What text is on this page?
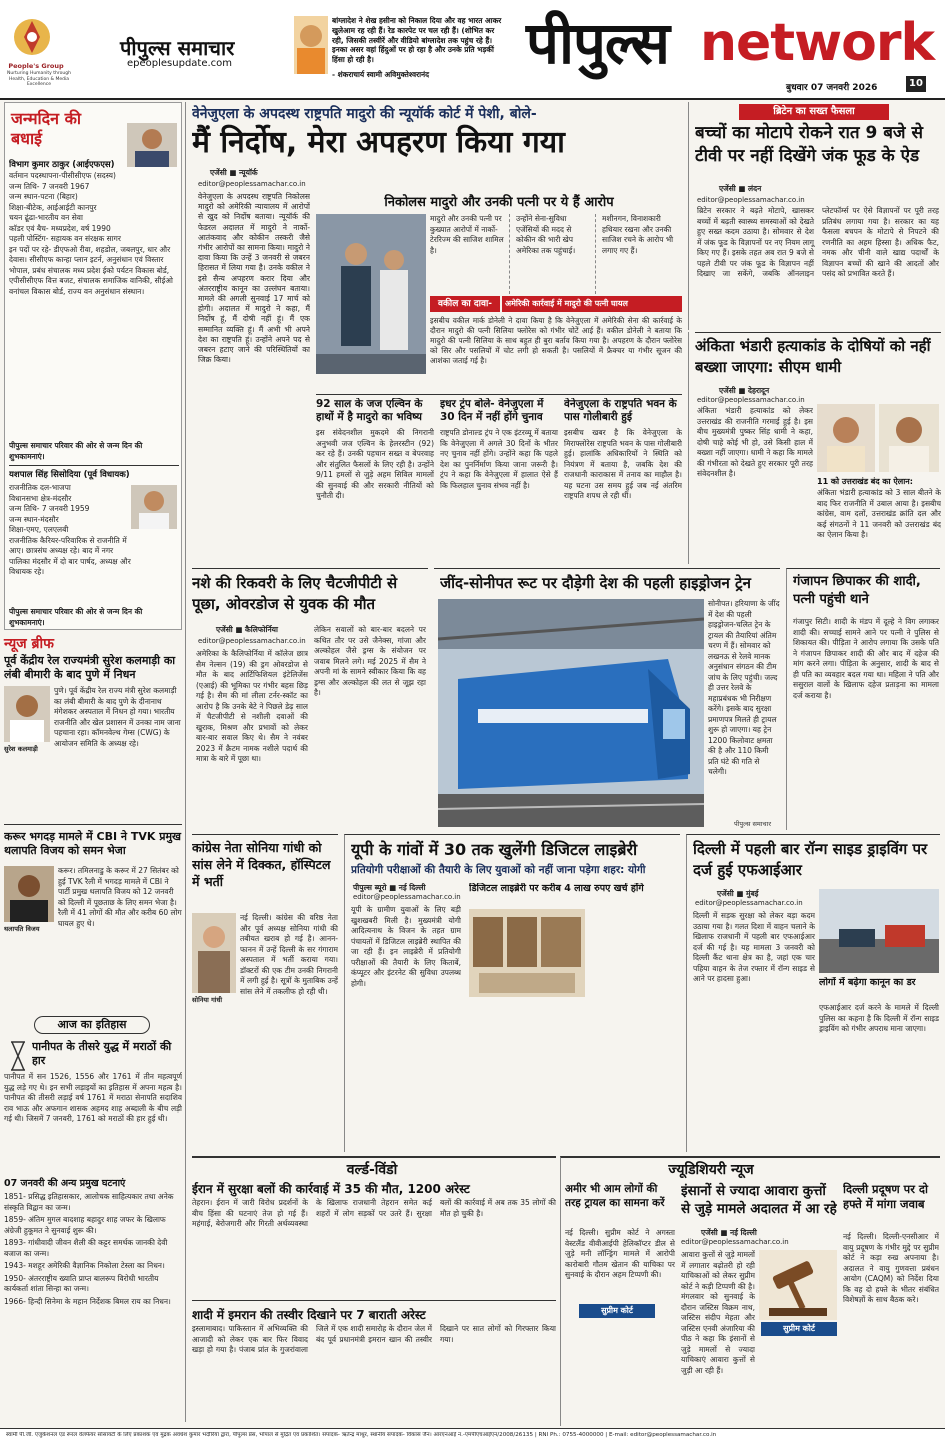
People's Group
Nurturing Humanity through Health, Education & Media Excellence
पीपुल्स समाचार
epeoplesupdate.com
बांग्लादेश ने शेख हसीना को निकाल दिया और वह भारत आकर खुलेआम रह रही हैं। रेड कारपेट पर चल रही हैं। (शोभित कर रही, जिसकी तस्वीरें और वीडियो बांग्लादेश तक पहुंच रहे हैं। इनका असर वहां हिंदुओं पर हो रहा है और उनके प्रति भड़कीं हिंसा हो रही है।
- शंकराचार्य स्वामी अविमुक्तेश्वरानंद	पीपुल्स network
बुधवार 07 जनवरी 2026	10
जन्मदिन की बधाई
विभाग कुमार ठाकुर (आईएफएस)
वर्तमान पदस्थापना-पीसीसीएफ (सदस्य)
जन्म तिथि- 7 जनवरी 1967
जन्म स्थान-पटना (बिहार)
शिक्षा-बीटेक, आईआईटी कानपुर
चयन ढूंढा-भारतीय वन सेवा
कॉडर एवं बैच- मध्यप्रदेश, वर्ष 1990
पहली पोस्टिंग- सहायक वन संरक्षक सागर
इन पदों पर रहे- डीएफओ रीवा, शहडोल, जबलपुर, धार और देवास। सीसीएफ कान्हा प्लान इटर्न, अनुसंधान एवं विस्तार भोपाल, प्रबंध संचालक मध्य प्रदेश ईको पर्यटन विकास बोर्ड, एपीसीसीएफ वित्त बजट, संचालक समाजिक वानिकी, सीईओ वनांचल विकास बोर्ड, राज्य वन अनुसंधान संस्थान।
पीपुल्स समाचार परिवार की ओर से जन्म दिन की शुभकामनाएं।
यशपाल सिंह सिसोदिया (पूर्व विधायक)
राजनीतिक दल-भाजपा
विधानसभा क्षेत्र-मंदसौर
जन्म तिथि- 7 जनवरी 1959
जन्म स्थान-मंदसौर
शिक्षा-एमए, एलएलबी
राजनीतिक कैरियर-परिवारिक से राजनीति में आए। छात्रसंघ अध्यक्ष रहे। बाद में नगर पालिका मंदसौर में दो बार पार्षद, अध्यक्ष और विधायक रहे।
पीपुल्स समाचार परिवार की ओर से जन्म दिन की शुभकामनाएं।
न्यूज ब्रीफ
पूर्व केंद्रीय रेल राज्यमंत्री सुरेश कलमाड़ी का लंबी बीमारी के बाद पुणे में निधन
सुरेश कलमाड़ी
पुणे। पूर्व केंद्रीय रेल राज्य मंत्री सुरेश कलमाड़ी का लंबी बीमारी के बाद पुणे के दीनानाथ मंगेशकर अस्पताल में निधन हो गया। भारतीय राजनीति और खेल प्रशासन में उनका नाम जाना पहचाना रहा। कॉमनवेल्थ गेम्स (CWG) के आयोजन समिति के अध्यक्ष रहे।
करूर भगदड़ मामले में CBI ने TVK प्रमुख थलापति विजय को समन भेजा
थलापति विजय
करूर। तमिलनाडु के करूर में 27 सितंबर को हुई TVK रैली में भगदड़ मामले में CBI ने पार्टी प्रमुख थलापति विजय को 12 जनवरी को दिल्ली में पूछताछ के लिए समन भेजा है। रैली में 41 लोगों की मौत और करीब 60 लोग घायल हुए थे।
आज का इतिहास
पानीपत के तीसरे युद्ध में मराठों की हार
पानीपत में सन 1526, 1556 और 1761 में तीन महत्वपूर्ण युद्ध लड़े गए थे। इन सभी लड़ाइयों का इतिहास में अपना महत्व है। पानीपत की तीसरी लड़ाई वर्ष 1761 में मराठा सेनापति सदाशिव राव भाऊ और अफगान शासक अहमद शाह अब्दाली के बीच लड़ी गई थी। जिसमें 7 जनवरी, 1761 को मराठों की हार हुई थी।
07 जनवरी की अन्य प्रमुख घटनाएं
1851- प्रसिद्ध इतिहासकार, आलोचक साहित्यकार तथा अनेक संस्कृति विद्वान का जन्म।
1859- अंतिम मुगल बादशाह बहादुर शाह जफर के खिलाफ अंग्रेजी हुकूमत ने सुनवाई शुरू की।
1893- गांधीवादी जीवन शैली की कट्टर समर्थक जानकी देवी बजाज का जन्म।
1943- मशहूर अमेरिकी वैज्ञानिक निकोला टेस्ला का निधन।
1950- अंतरराष्ट्रीय ख्याति प्राप्त बालरूप विरोधी भारतीय कार्यकर्ता शांता सिन्हा का जन्म।
1966- हिन्दी सिनेमा के महान निर्देशक बिमल राय का निधन।
वेनेजुएला के अपदस्थ राष्ट्रपति मादुरो की न्यूयॉर्क कोर्ट में पेशी, बोले-
मैं निर्दोष, मेरा अपहरण किया गया
एजेंसी ■ न्यूयॉर्क
editor@peoplessamachar.co.in
वेनेजुएला के अपदस्थ राष्ट्रपति निकोलस मादुरो को अमेरिकी न्यायालय में आरोपों से खुद को निर्दोष बताया। न्यूयॉर्क की फेडरल अदालत में मादुरो ने नार्को-आतंकवाद और कोकीन तस्करी जैसे गंभीर आरोपों का सामना किया। मादुरो ने दावा किया कि उन्हें 3 जनवरी से जबरन हिरासत में लिया गया है। उनके वकील ने इसे सैन्य अपहरण करार दिया और अंतरराष्ट्रीय कानून का उल्लंघन बताया। मामले की अगली सुनवाई 17 मार्च को होगी। अदालत में मादुरो ने कहा, मैं निर्दोष हूं, मैं दोषी नहीं हूं। मैं एक सम्मानित व्यक्ति हूं। मैं अभी भी अपने देश का राष्ट्रपति हूं। उन्होंने अपने पद से जबरन हटाए जाने की परिस्थितियों का जिक्र किया।
निकोलस मादुरो और उनकी पत्नी पर ये हैं आरोप
मादुरो और उनकी पत्नी पर कुख्यात आरोपों में नार्को-टेररिज्म की साजिश शामिल है।
उन्होंने सेना-सुविधा एजेंसियों की मदद से कोकीन की भारी खेप अमेरिका तक पहुंचाई।
मशीनगन, विनाशकारी हथियार रखना और उनकी साजिश रचने के आरोप भी लगाए गए हैं।
वकील का दावा-	अमेरिकी कार्रवाई में मादुरो की पत्नी घायल
इसबीच वकील मार्क डोनेली ने दावा किया है कि वेनेजुएला में अमेरिकी सेना की कार्रवाई के दौरान मादुरो की पत्नी सिलिया फ्लोरेस को गंभीर चोटें आई हैं। वकील डोनेली ने बताया कि मादुरो की पत्नी सिलिया के साथ बहुत ही बुरा बर्ताव किया गया है। अपहरण के दौरान फ्लोरेस को सिर और पसलियों में चोट लगी हो सकती है। पसलियों में फ्रैक्चर या गंभीर सूजन की आशंका जताई गई है।
92 साल के जज एल्विन के हाथों में है मादुरो का भविष्य
इस संवेदनशील मुकदमे की निगरानी अनुभवी जज एल्विन के हेलरस्टीन (92) कर रहे हैं। उनकी पहचान सख्त व बेपरवाह और संतुलित फैसलों के लिए रही है। उन्होंने 9/11 हमलों से जुड़े अहम सिविल मामलों की सुनवाई की और सरकारी नीतियों को चुनौती दी।
इधर ट्रंप बोले- वेनेजुएला में 30 दिन में नहीं होंगे चुनाव
राष्ट्रपति डोनाल्ड ट्रंप ने एक इंटरव्यू में बताया कि वेनेजुएला में अगले 30 दिनों के भीतर नए चुनाव नहीं होंगे। उन्होंने कहा कि पहले देश का पुनर्निर्माण किया जाना जरूरी है। ट्रंप ने कहा कि वेनेजुएला में हालात ऐसे हैं कि फिलहाल चुनाव संभव नहीं है।
वेनेजुएला के राष्ट्रपति भवन के पास गोलीबारी हुई
इसबीच खबर है कि वेनेजुएला के मिराफ्लोरेस राष्ट्रपति भवन के पास गोलीबारी हुई। हालांकि अधिकारियों ने स्थिति को नियंत्रण में बताया है, जबकि देश की राजधानी काराकास में तनाव का माहौल है। यह घटना उस समय हुई जब नई अंतरिम राष्ट्रपति शपथ ले रही थीं।
ब्रिटेन का सख्त फैसला
बच्चों का मोटापे रोकने रात 9 बजे से टीवी पर नहीं दिखेंगे जंक फूड के ऐड
एजेंसी ■ लंदन
editor@peoplessamachar.co.in
ब्रिटेन सरकार ने बढ़ते मोटापे, खासकर बच्चों में बढ़ती स्वास्थ्य समस्याओं को देखते हुए सख्त कदम उठाया है। सोमवार से देश में जंक फूड के विज्ञापनों पर नए नियम लागू किए गए हैं। इसके तहत अब रात 9 बजे से पहले टीवी पर जंक फूड के विज्ञापन नहीं दिखाए जा सकेंगे, जबकि ऑनलाइन प्लेटफॉर्म्स पर ऐसे विज्ञापनों पर पूरी तरह प्रतिबंध लगाया गया है। सरकार का यह फैसला बचपन के मोटापे से निपटने की रणनीति का अहम हिस्सा है। अधिक फैट, नमक और चीनी वाले खाद्य पदार्थों के विज्ञापन बच्चों की खाने की आदतों और पसंद को प्रभावित करते हैं।
अंकिता भंडारी हत्याकांड के दोषियों को नहीं बख्शा जाएगा: सीएम धामी
एजेंसी ■ देहरादून
editor@peoplessamachar.co.in
अंकिता भंडारी हत्याकांड को लेकर उत्तराखंड की राजनीति गरमाई हुई है। इस बीच मुख्यमंत्री पुष्कर सिंह धामी ने कहा, दोषी चाहे कोई भी हो, उसे किसी हाल में बख्शा नहीं जाएगा। धामी ने कहा कि मामले की गंभीरता को देखते हुए सरकार पूरी तरह संवेदनशील है।
11 को उत्तराखंड बंद का ऐलान:
अंकिता भंडारी हत्याकांड को 3 साल बीतने के बाद फिर राजनीति में उबाल आया है। इसबीच कांग्रेस, वाम दलों, उत्तराखंड क्रांति दल और कई संगठनों ने 11 जनवरी को उत्तराखंड बंद का ऐलान किया है।
नशे की रिकवरी के लिए चैटजीपीटी से पूछा, ओवरडोज से युवक की मौत
एजेंसी ■ कैलिफोर्निया
editor@peoplessamachar.co.in
अमेरिका के कैलिफोर्निया में कॉलेज छात्र सैम नेल्सन (19) की ड्रग ओवरडोज से मौत के बाद आर्टिफिशियल इंटेलिजेंस (एआई) की भूमिका पर गंभीर बहस छिड़ गई है। सैम की मां लीला टर्नर-स्कॉट का आरोप है कि उनके बेटे ने पिछले डेढ़ साल में चैटजीपीटी से नशीली दवाओं की खुराक, मिश्रण और प्रभावों को लेकर बार-बार सवाल किए थे। सैम ने नवंबर 2023 में क्रैटम नामक नशीले पदार्थ की मात्रा के बारे में पूछा था।
लेकिन सवालों को बार-बार बदलने पर कथित तौर पर उसे जैनेक्स, गांजा और अल्कोहल जैसे ड्रग्स के संयोजन पर जवाब मिलने लगे। मई 2025 में सैम ने अपनी मां के सामने स्वीकार किया कि वह ड्रग्स और अल्कोहल की लत से जूझ रहा है।
जींद-सोनीपत रूट पर दौड़ेगी देश की पहली हाइड्रोजन ट्रेन
सोनीपत। हरियाणा के जींद में देश की पहली हाइड्रोजन-चलित ट्रेन के ट्रायल की तैयारियां अंतिम चरण में हैं। सोमवार को लखनऊ से रेलवे मानक अनुसंधान संगठन की टीम जांच के लिए पहुंची। जल्द ही उत्तर रेलवे के महाप्रबंधक भी निरीक्षण करेंगे। इसके बाद सुरक्षा प्रमाणपत्र मिलते ही ट्रायल शुरू हो जाएगा। यह ट्रेन 1200 किलोवाट क्षमता की है और 110 किमी प्रति घंटे की गति से चलेगी।
पीपुल्स समाचार
गंजापन छिपाकर की शादी, पत्नी पहुंची थाने
गंजापुर सिटी। शादी के मंडप में दूल्हे ने विग लगाकर शादी की। सच्चाई सामने आने पर पत्नी ने पुलिस से शिकायत की। पीड़िता ने आरोप लगाया कि उसके पति ने गंजापन छिपाकर शादी की और बाद में दहेज की मांग करने लगा। पीड़िता के अनुसार, शादी के बाद से ही पति का व्यवहार बदल गया था। महिला ने पति और ससुराल वालों के खिलाफ दहेज प्रताड़ना का मामला दर्ज कराया है।
कांग्रेस नेता सोनिया गांधी को सांस लेने में दिक्कत, हॉस्पिटल में भर्ती
सोनिया गांधी
नई दिल्ली। कांग्रेस की वरिष्ठ नेता और पूर्व अध्यक्ष सोनिया गांधी की तबीयत खराब हो गई है। आनन-फानन में उन्हें दिल्ली के सर गंगाराम अस्पताल में भर्ती कराया गया। डॉक्टरों की एक टीम उनकी निगरानी में लगी हुई है। सूत्रों के मुताबिक उन्हें सांस लेने में तकलीफ हो रही थी।
यूपी के गांवों में 30 तक खुलेंगी डिजिटल लाइब्रेरी
प्रतियोगी परीक्षाओं की तैयारी के लिए युवाओं को नहीं जाना पड़ेगा शहर: योगी
पीपुल्स ब्यूरो ■ नई दिल्ली
editor@peoplessamachar.co.in
यूपी के ग्रामीण युवाओं के लिए बड़ी खुशखबरी मिली है। मुख्यमंत्री योगी आदित्यनाथ के विजन के तहत ग्राम पंचायतों में डिजिटल लाइब्रेरी स्थापित की जा रही हैं। इन लाइब्रेरी में प्रतियोगी परीक्षाओं की तैयारी के लिए किताबें, कंप्यूटर और इंटरनेट की सुविधा उपलब्ध होगी।
डिजिटल लाइब्रेरी पर करीब 4 लाख रुपए खर्च होंगे
दिल्ली में पहली बार रॉन्ग साइड ड्राइविंग पर दर्ज हुई एफआईआर
एजेंसी ■ मुंबई
editor@peoplessamachar.co.in
दिल्ली में सड़क सुरक्षा को लेकर बड़ा कदम उठाया गया है। गलत दिशा में वाहन चलाने के खिलाफ राजधानी में पहली बार एफआईआर दर्ज की गई है। यह मामला 3 जनवरी को दिल्ली कैंट थाना क्षेत्र का है, जहां एक चार पहिया वाहन के तेज रफ्तार में रॉन्ग साइड से आने पर हादसा हुआ।	लोगों में बढ़ेगा कानून का डर
एफआईआर दर्ज करने के मामले में दिल्ली पुलिस का कहना है कि दिल्ली में रॉन्ग साइड ड्राइविंग को गंभीर अपराध माना जाएगा।
वर्ल्ड-विंडो
ईरान में सुरक्षा बलों की कार्रवाई में 35 की मौत, 1200 अरेस्ट
तेहरान। ईरान में जारी विरोध प्रदर्शनों के बीच हिंसा की घटनाएं तेज हो गई हैं। महंगाई, बेरोजगारी और गिरती अर्थव्यवस्था के खिलाफ राजधानी तेहरान समेत कई शहरों में लोग सड़कों पर उतरे हैं। सुरक्षा बलों की कार्रवाई में अब तक 35 लोगों की मौत हो चुकी है।
शादी में इमरान की तस्वीर दिखाने पर 7 बाराती अरेस्ट
इस्लामाबाद। पाकिस्तान में अभिव्यक्ति की आजादी को लेकर एक बार फिर विवाद खड़ा हो गया है। पंजाब प्रांत के गुजरांवाला जिले में एक शादी समारोह के दौरान जेल में बंद पूर्व प्रधानमंत्री इमरान खान की तस्वीर दिखाने पर सात लोगों को गिरफ्तार किया गया।
ज्यूडिशियरी न्यूज
अमीर भी आम लोगों की तरह ट्रायल का सामना करें
नई दिल्ली। सुप्रीम कोर्ट ने अगस्ता वेस्टलैंड वीवीआईपी हेलिकॉप्टर डील से जुड़े मनी लॉन्ड्रिंग मामले में आरोपी कारोबारी गौतम खेतान की याचिका पर सुनवाई के दौरान अहम टिप्पणी की।
सुप्रीम कोर्ट
इंसानों से ज्यादा आवारा कुत्तों से जुड़े मामले अदालत में आ रहे
एजेंसी ■ नई दिल्ली
editor@peoplessamachar.co.in
आवारा कुत्तों से जुड़े मामलों में लगातार बढ़ोतरी हो रही याचिकाओं को लेकर सुप्रीम कोर्ट ने कड़ी टिप्पणी की है। मंगलवार को सुनवाई के दौरान जस्टिस विक्रम नाथ, जस्टिस संदीप मेहता और जस्टिस एनवी अंजारिया की पीठ ने कहा कि इंसानों से जुड़े मामलों से ज्यादा याचिकाएं आवारा कुत्तों से जुड़ी आ रही हैं।
सुप्रीम कोर्ट
दिल्ली प्रदूषण पर दो हफ्ते में मांगा जवाब
नई दिल्ली। दिल्ली-एनसीआर में वायु प्रदूषण के गंभीर मुद्दे पर सुप्रीम कोर्ट ने कड़ा रुख अपनाया है। अदालत ने वायु गुणवत्ता प्रबंधन आयोग (CAQM) को निर्देश दिया कि वह दो हफ्ते के भीतर संबंधित विशेषज्ञों के साथ बैठक करे।
स्वामी पी.जी. एजुकेशनल एंड रूरल वेलफेयर सोसायटी के लिए प्रकाशक एवं मुद्रक अवधेश कुमार भदौरिया द्वारा, पीपुल्स प्रेस, भोपाल से मुद्रित एवं प्रकाशित। संपादक- ऋतेन्द्र माथुर, स्थानीय संपादक- विकास जैन। आरएनआई नं.-एमपीएचआईएन/2008/26135 | RNI Ph.: 0755-4000000 | E-mail: editor@peoplessamachar.co.in
